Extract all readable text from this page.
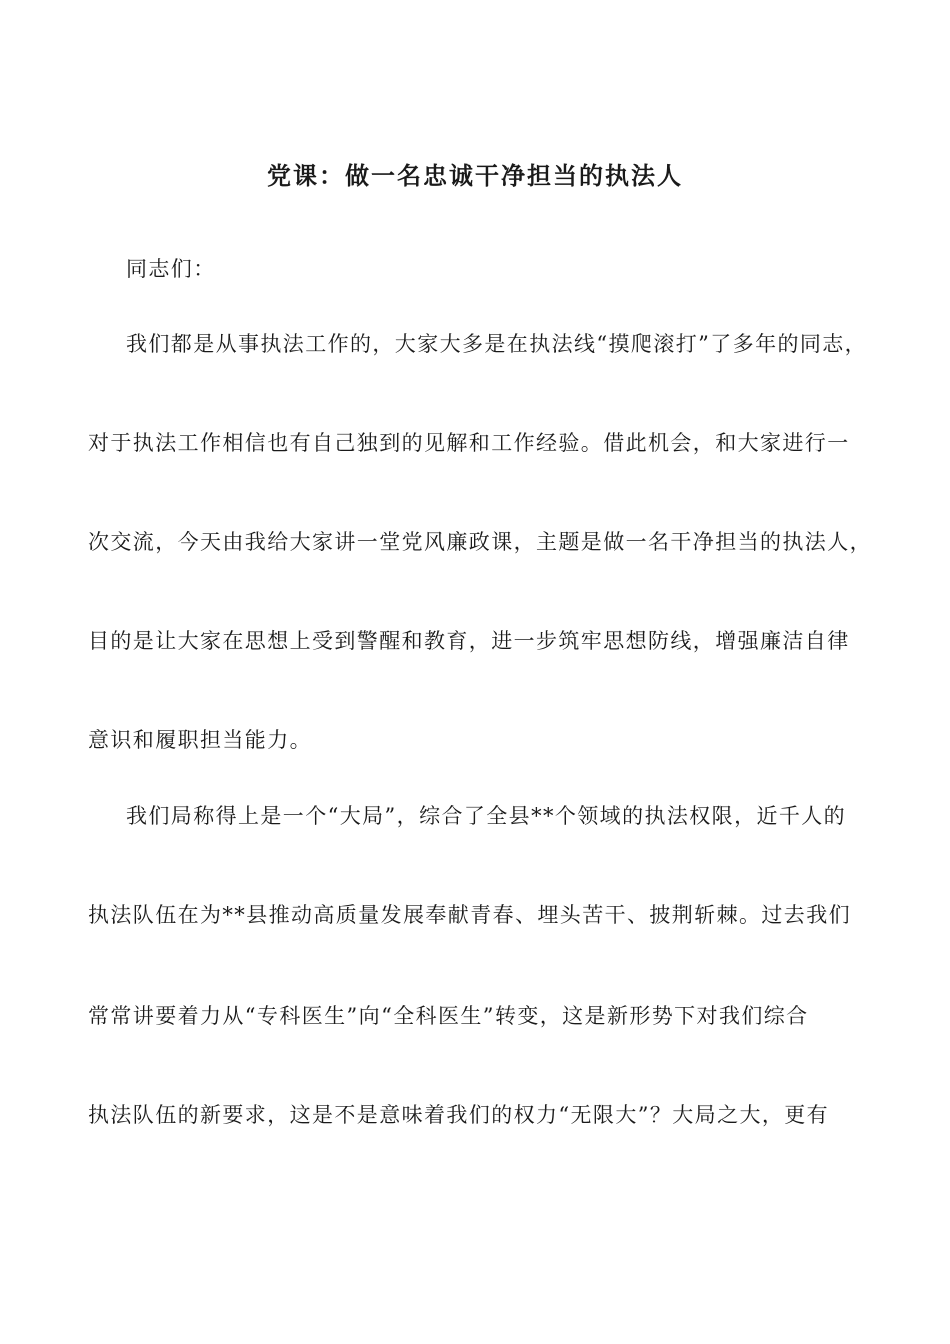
党课：做一名忠诚干净担当的执法人
同志们：
我们都是从事执法工作的，大家大多是在执法线“摸爬滚打”了多年的同志，
对于执法工作相信也有自己独到的见解和工作经验。借此机会，和大家进行一
次交流，今天由我给大家讲一堂党风廉政课，主题是做一名干净担当的执法人，
目的是让大家在思想上受到警醒和教育，进一步筑牢思想防线，增强廉洁自律
意识和履职担当能力。
我们局称得上是一个“大局”，综合了全县**个领域的执法权限，近千人的
执法队伍在为**县推动高质量发展奉献青春、埋头苦干、披荆斩棘。过去我们
常常讲要着力从“专科医生”向“全科医生”转变，这是新形势下对我们综合
执法队伍的新要求，这是不是意味着我们的权力“无限大”？大局之大，更有
